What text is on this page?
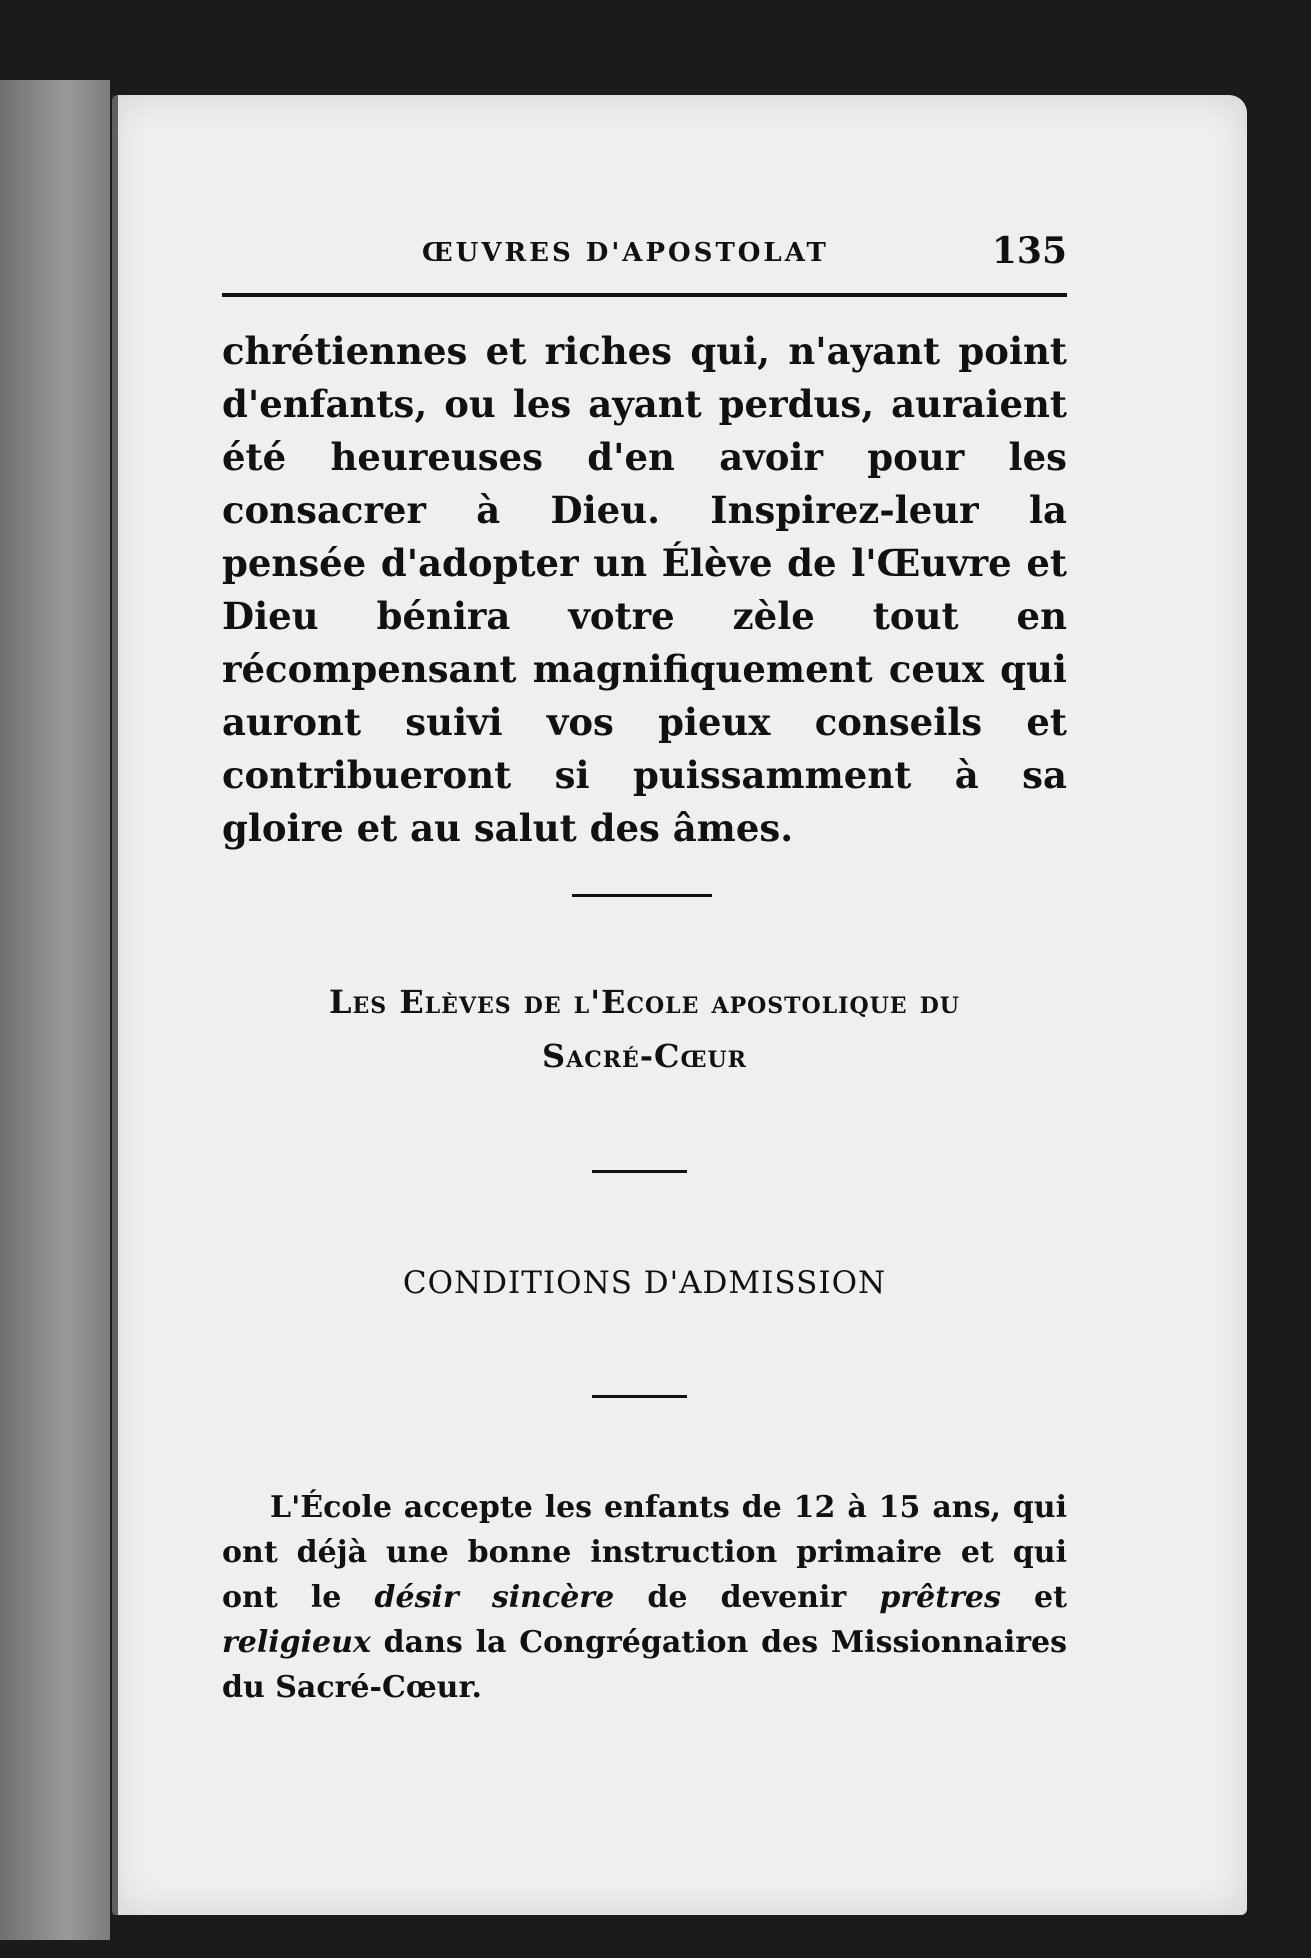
ŒUVRES D'APOSTOLAT	135

chrétiennes et riches qui, n'ayant point d'enfants, ou les ayant perdus, auraient été heureuses d'en avoir pour les consacrer à Dieu. Inspirez-leur la pensée d'adopter un Élève de l'Œuvre et Dieu bénira votre zèle tout en récompensant magnifiquement ceux qui auront suivi vos pieux conseils et contribueront si puissamment à sa gloire et au salut des âmes.

Les Elèves de l'Ecole apostolique du
Sacré-Cœur
CONDITIONS D'ADMISSION

L'École accepte les enfants de 12 à 15 ans, qui ont déjà une bonne instruction primaire et qui ont le désir sincère de devenir prêtres et religieux dans la Congrégation des Missionnaires du Sacré-Cœur.
